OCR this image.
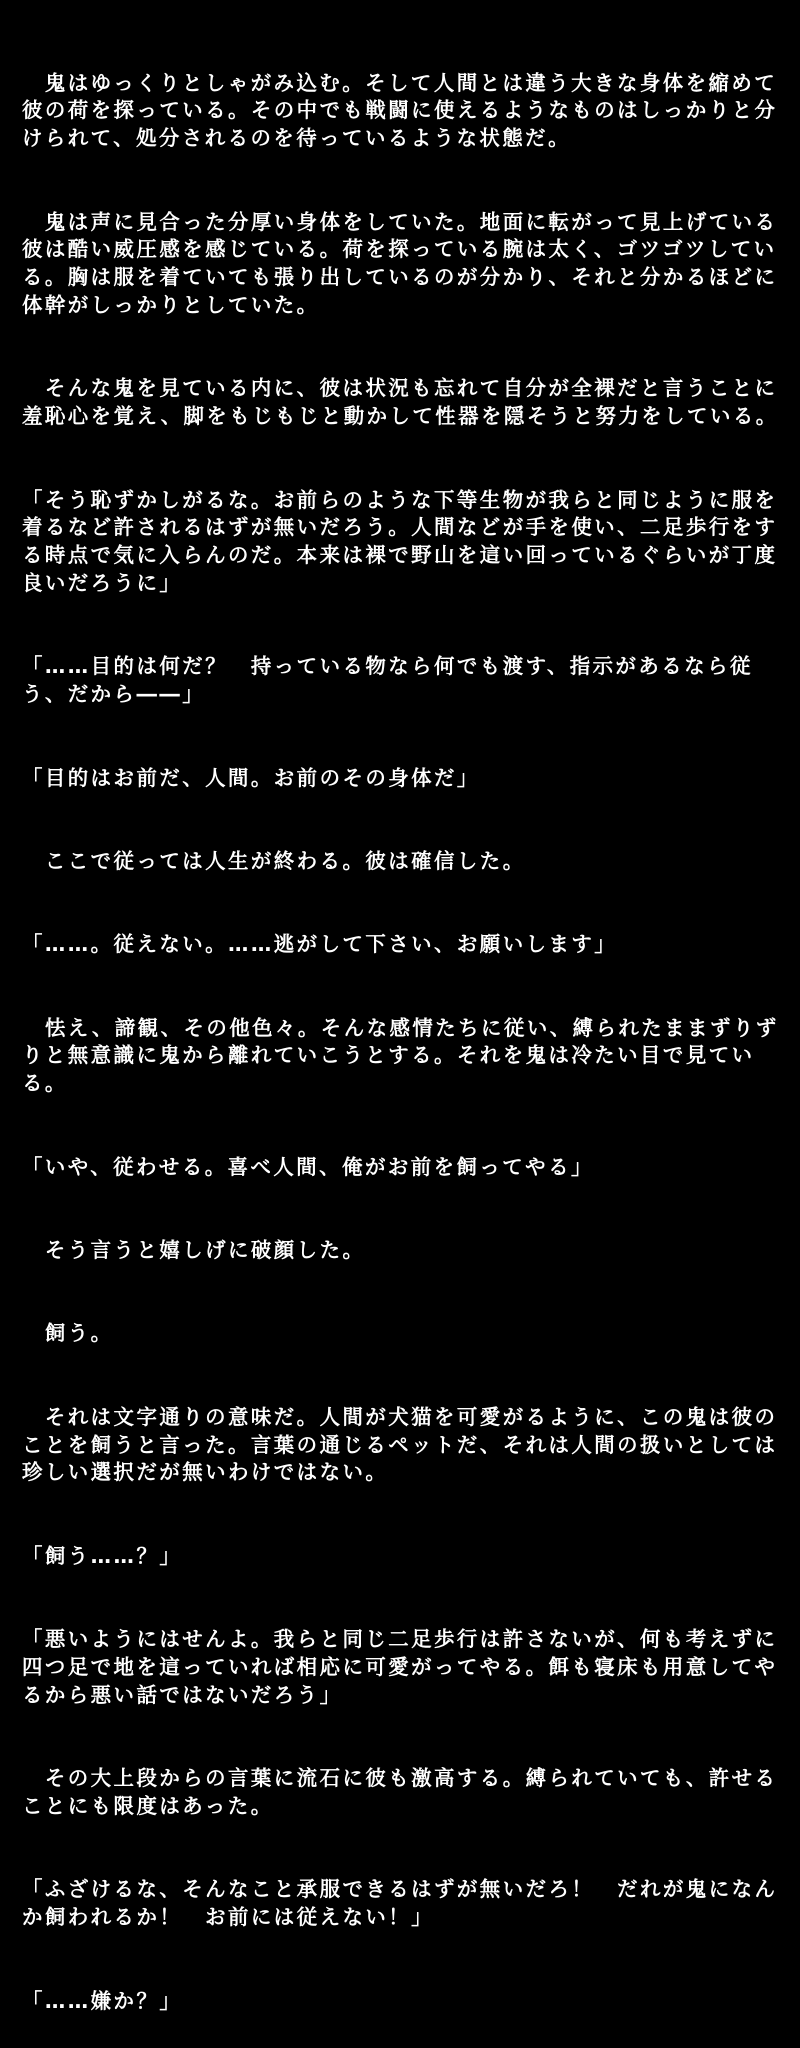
　鬼はゆっくりとしゃがみ込む。そして人間とは違う大きな身体を縮めて彼の荷を探っている。その中でも戦闘に使えるようなものはしっかりと分けられて、処分されるのを待っているような状態だ。

　鬼は声に見合った分厚い身体をしていた。地面に転がって見上げている彼は酷い威圧感を感じている。荷を探っている腕は太く、ゴツゴツしている。胸は服を着ていても張り出しているのが分かり、それと分かるほどに体幹がしっかりとしていた。

　そんな鬼を見ている内に、彼は状況も忘れて自分が全裸だと言うことに羞恥心を覚え、脚をもじもじと動かして性器を隠そうと努力をしている。

「そう恥ずかしがるな。お前らのような下等生物が我らと同じように服を着るなど許されるはずが無いだろう。人間などが手を使い、二足歩行をする時点で気に入らんのだ。本来は裸で野山を這い回っているぐらいが丁度良いだろうに」

「……目的は何だ？　持っている物なら何でも渡す、指示があるなら従う、だから――」

「目的はお前だ、人間。お前のその身体だ」

　ここで従っては人生が終わる。彼は確信した。

「……。従えない。……逃がして下さい、お願いします」

　怯え、諦観、その他色々。そんな感情たちに従い、縛られたままずりずりと無意識に鬼から離れていこうとする。それを鬼は冷たい目で見ている。

「いや、従わせる。喜べ人間、俺がお前を飼ってやる」

　そう言うと嬉しげに破顔した。

　飼う。

　それは文字通りの意味だ。人間が犬猫を可愛がるように、この鬼は彼のことを飼うと言った。言葉の通じるペットだ、それは人間の扱いとしては珍しい選択だが無いわけではない。

「飼う……？」

「悪いようにはせんよ。我らと同じ二足歩行は許さないが、何も考えずに四つ足で地を這っていれば相応に可愛がってやる。餌も寝床も用意してやるから悪い話ではないだろう」

　その大上段からの言葉に流石に彼も激高する。縛られていても、許せることにも限度はあった。

「ふざけるな、そんなこと承服できるはずが無いだろ！　だれが鬼になんか飼われるか！　お前には従えない！」

「……嫌か？」
